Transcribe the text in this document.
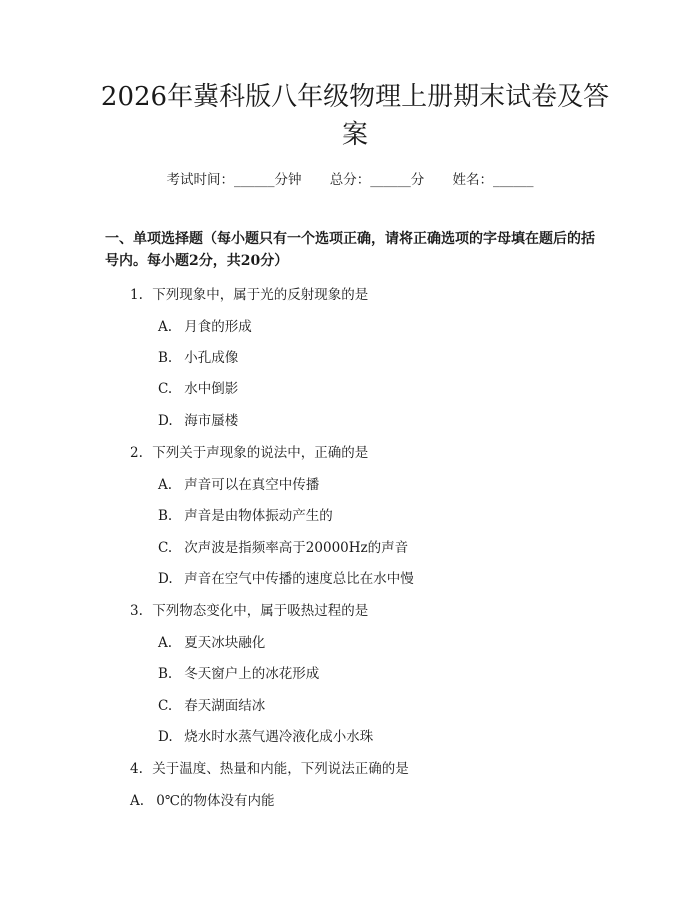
2026年冀科版八年级物理上册期末试卷及答案
考试时间：______分钟 总分：______分 姓名：______
一、单项选择题（每小题只有一个选项正确，请将正确选项的字母填在题后的括号内。每小题2分，共20分）
1. 下列现象中，属于光的反射现象的是
A. 月食的形成
B. 小孔成像
C. 水中倒影
D. 海市蜃楼
2. 下列关于声现象的说法中，正确的是
A. 声音可以在真空中传播
B. 声音是由物体振动产生的
C. 次声波是指频率高于20000Hz的声音
D. 声音在空气中传播的速度总比在水中慢
3. 下列物态变化中，属于吸热过程的是
A. 夏天冰块融化
B. 冬天窗户上的冰花形成
C. 春天湖面结冰
D. 烧水时水蒸气遇冷液化成小水珠
4. 关于温度、热量和内能，下列说法正确的是
A. 0℃的物体没有内能
